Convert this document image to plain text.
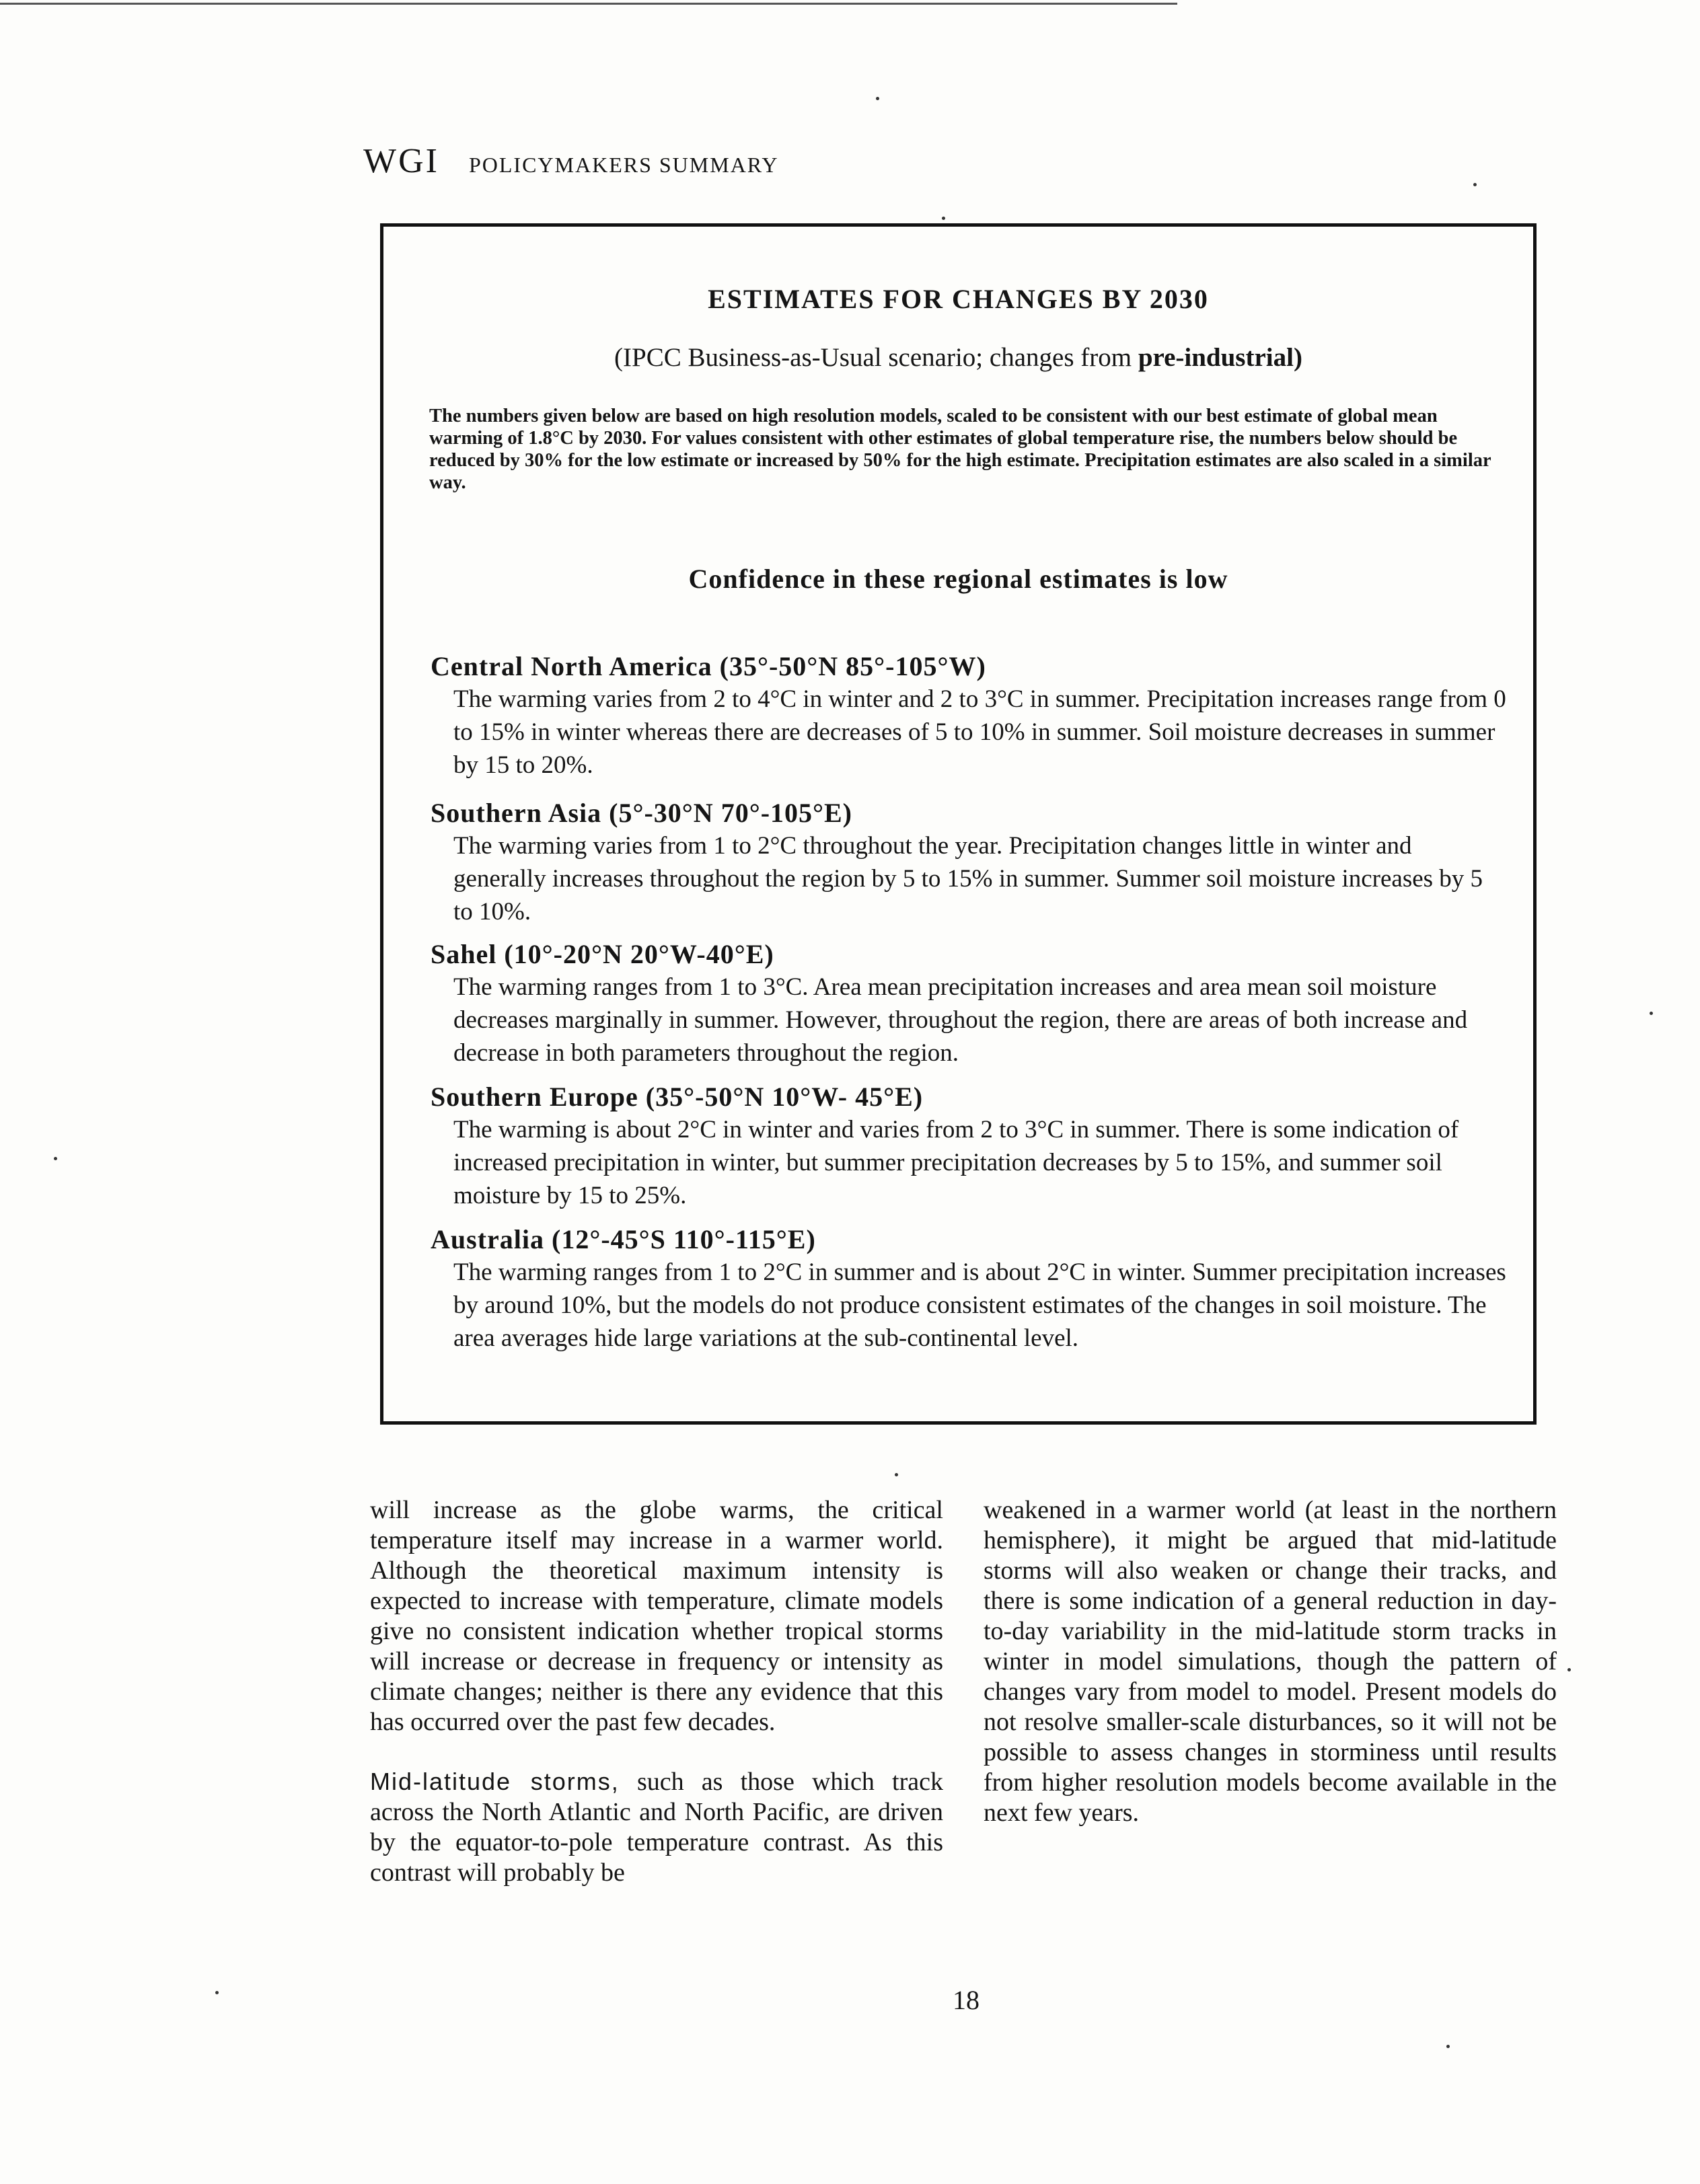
WGI POLICYMAKERS SUMMARY
ESTIMATES FOR CHANGES BY 2030
(IPCC Business-as-Usual scenario; changes from pre-industrial)
The numbers given below are based on high resolution models, scaled to be consistent with our best estimate of global mean warming of 1.8°C by 2030. For values consistent with other estimates of global temperature rise, the numbers below should be reduced by 30% for the low estimate or increased by 50% for the high estimate. Precipitation estimates are also scaled in a similar way.
Confidence in these regional estimates is low
Central North America (35°-50°N 85°-105°W)

The warming varies from 2 to 4°C in winter and 2 to 3°C in summer. Precipitation increases range from 0 to 15% in winter whereas there are decreases of 5 to 10% in summer. Soil moisture decreases in summer by 15 to 20%.

Southern Asia (5°-30°N 70°-105°E)

The warming varies from 1 to 2°C throughout the year. Precipitation changes little in winter and generally increases throughout the region by 5 to 15% in summer. Summer soil moisture increases by 5 to 10%.

Sahel (10°-20°N 20°W-40°E)

The warming ranges from 1 to 3°C. Area mean precipitation increases and area mean soil moisture decreases marginally in summer. However, throughout the region, there are areas of both increase and decrease in both parameters throughout the region.

Southern Europe (35°-50°N 10°W- 45°E)

The warming is about 2°C in winter and varies from 2 to 3°C in summer. There is some indication of increased precipitation in winter, but summer precipitation decreases by 5 to 15%, and summer soil moisture by 15 to 25%.

Australia (12°-45°S 110°-115°E)

The warming ranges from 1 to 2°C in summer and is about 2°C in winter. Summer precipitation increases by around 10%, but the models do not produce consistent estimates of the changes in soil moisture. The area averages hide large variations at the sub-continental level.

will increase as the globe warms, the critical temperature itself may increase in a warmer world. Although the theoretical maximum intensity is expected to increase with temperature, climate models give no consistent indication whether tropical storms will increase or decrease in frequency or intensity as climate changes; neither is there any evidence that this has occurred over the past few decades.

Mid-latitude storms, such as those which track across the North Atlantic and North Pacific, are driven by the equator-to-pole temperature contrast. As this contrast will probably be

weakened in a warmer world (at least in the northern hemisphere), it might be argued that mid-latitude storms will also weaken or change their tracks, and there is some indication of a general reduction in day-to-day variability in the mid-latitude storm tracks in winter in model simulations, though the pattern of changes vary from model to model. Present models do not resolve smaller-scale disturbances, so it will not be possible to assess changes in storminess until results from higher resolution models become available in the next few years.

18
